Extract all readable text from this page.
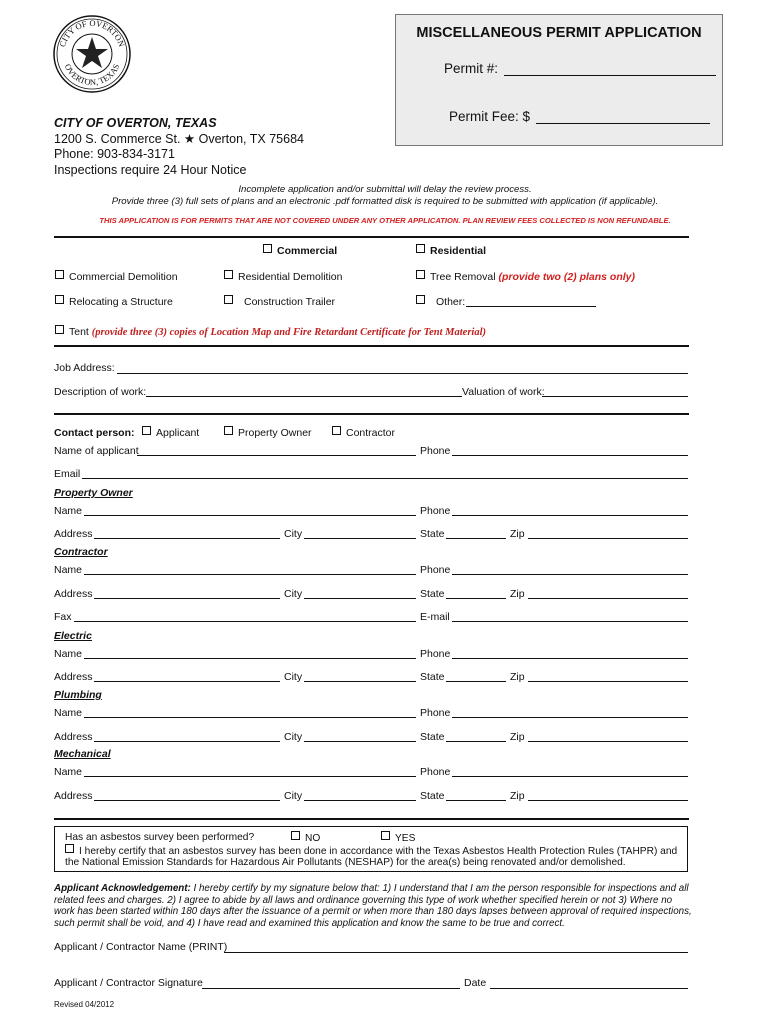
CITY OF OVERTON
OVERTON, TEXAS
MISCELLANEOUS PERMIT APPLICATION
Permit #:
Permit Fee: $
CITY OF OVERTON, TEXAS
1200 S. Commerce St. ★ Overton, TX 75684
Phone: 903-834-3171
Inspections require 24 Hour Notice
Incomplete application and/or submittal will delay the review process.
Provide three (3) full sets of plans and an electronic .pdf formatted disk is required to be submitted with application (if applicable).
THIS APPLICATION IS FOR PERMITS THAT ARE NOT COVERED UNDER ANY OTHER APPLICATION. PLAN REVIEW FEES COLLECTED IS NON REFUNDABLE.
Commercial	Residential
Commercial Demolition	Residential Demolition	Tree Removal (provide two (2) plans only)
Relocating a Structure	Construction Trailer	Other:
Tent (provide three (3) copies of Location Map and Fire Retardant Certificate for Tent Material)
Job Address:
Description of work:	Valuation of work:
Contact person:	Applicant	Property Owner	Contractor
Name of applicant	Phone
Email
Property Owner
Name	Phone
Address	City	State	Zip
Contractor
Name	Phone
Address	City	State	Zip
Fax	E-mail
Electric
Name	Phone
Address	City	State	Zip
Plumbing
Name	Phone
Address	City	State	Zip
Mechanical
Name	Phone
Address	City	State	Zip
Has an asbestos survey been performed?	NO	YES
I hereby certify that an asbestos survey has been done in accordance with the Texas Asbestos Health Protection Rules (TAHPR) and
the National Emission Standards for Hazardous Air Pollutants (NESHAP) for the area(s) being renovated and/or demolished.
Applicant Acknowledgement: I hereby certify by my signature below that: 1) I understand that I am the person responsible for inspections and all related fees and charges. 2) I agree to abide by all laws and ordinance governing this type of work whether specified herein or not 3) Where no work has been started within 180 days after the issuance of a permit or when more than 180 days lapses between approval of required inspections, such permit shall be void, and 4) I have read and examined this application and know the same to be true and correct.
Applicant / Contractor Name (PRINT)
Applicant / Contractor Signature	Date
Revised 04/2012
